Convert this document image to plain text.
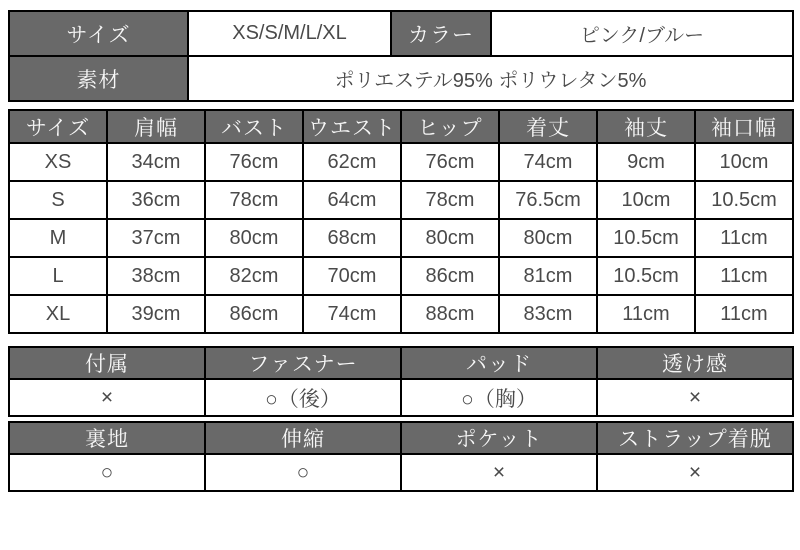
サイズ	XS/S/M/L/XL	カラー	ピンク/ブルー
素材	ポリエステル95% ポリウレタン5%		
サイズ	肩幅	バスト	ウエスト	ヒップ	着丈	袖丈	袖口幅
XS	34cm	76cm	62cm	76cm	74cm	9cm	10cm
S	36cm	78cm	64cm	78cm	76.5cm	10cm	10.5cm
M	37cm	80cm	68cm	80cm	80cm	10.5cm	11cm
L	38cm	82cm	70cm	86cm	81cm	10.5cm	11cm
XL	39cm	86cm	74cm	88cm	83cm	11cm	11cm
付属	ファスナー	パッド	透け感
×	○（後）	○（胸）	×
裏地	伸縮	ポケット	ストラップ着脱
○	○	×	×
